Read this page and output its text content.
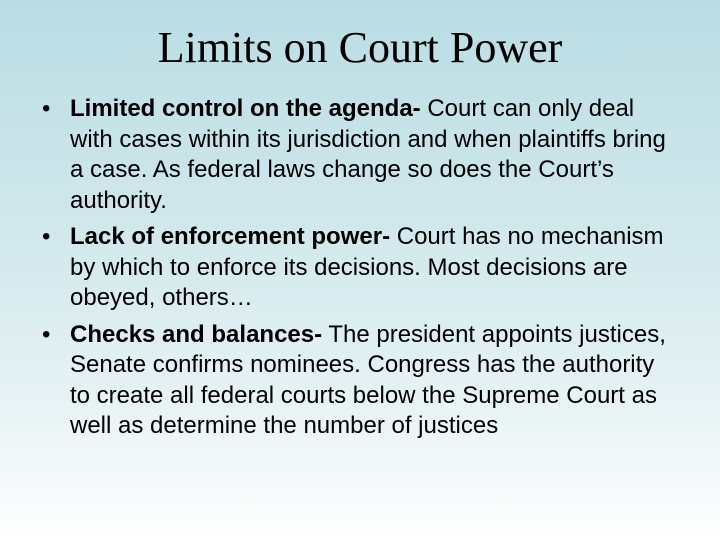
Limits on Court Power
• Limited control on the agenda- Court can only deal with cases within its jurisdiction and when plaintiffs bring a case. As federal laws change so does the Court’s authority.
• Lack of enforcement power- Court has no mechanism by which to enforce its decisions. Most decisions are obeyed, others…
• Checks and balances- The president appoints justices, Senate confirms nominees. Congress has the authority to create all federal courts below the Supreme Court as well as determine the number of justices
